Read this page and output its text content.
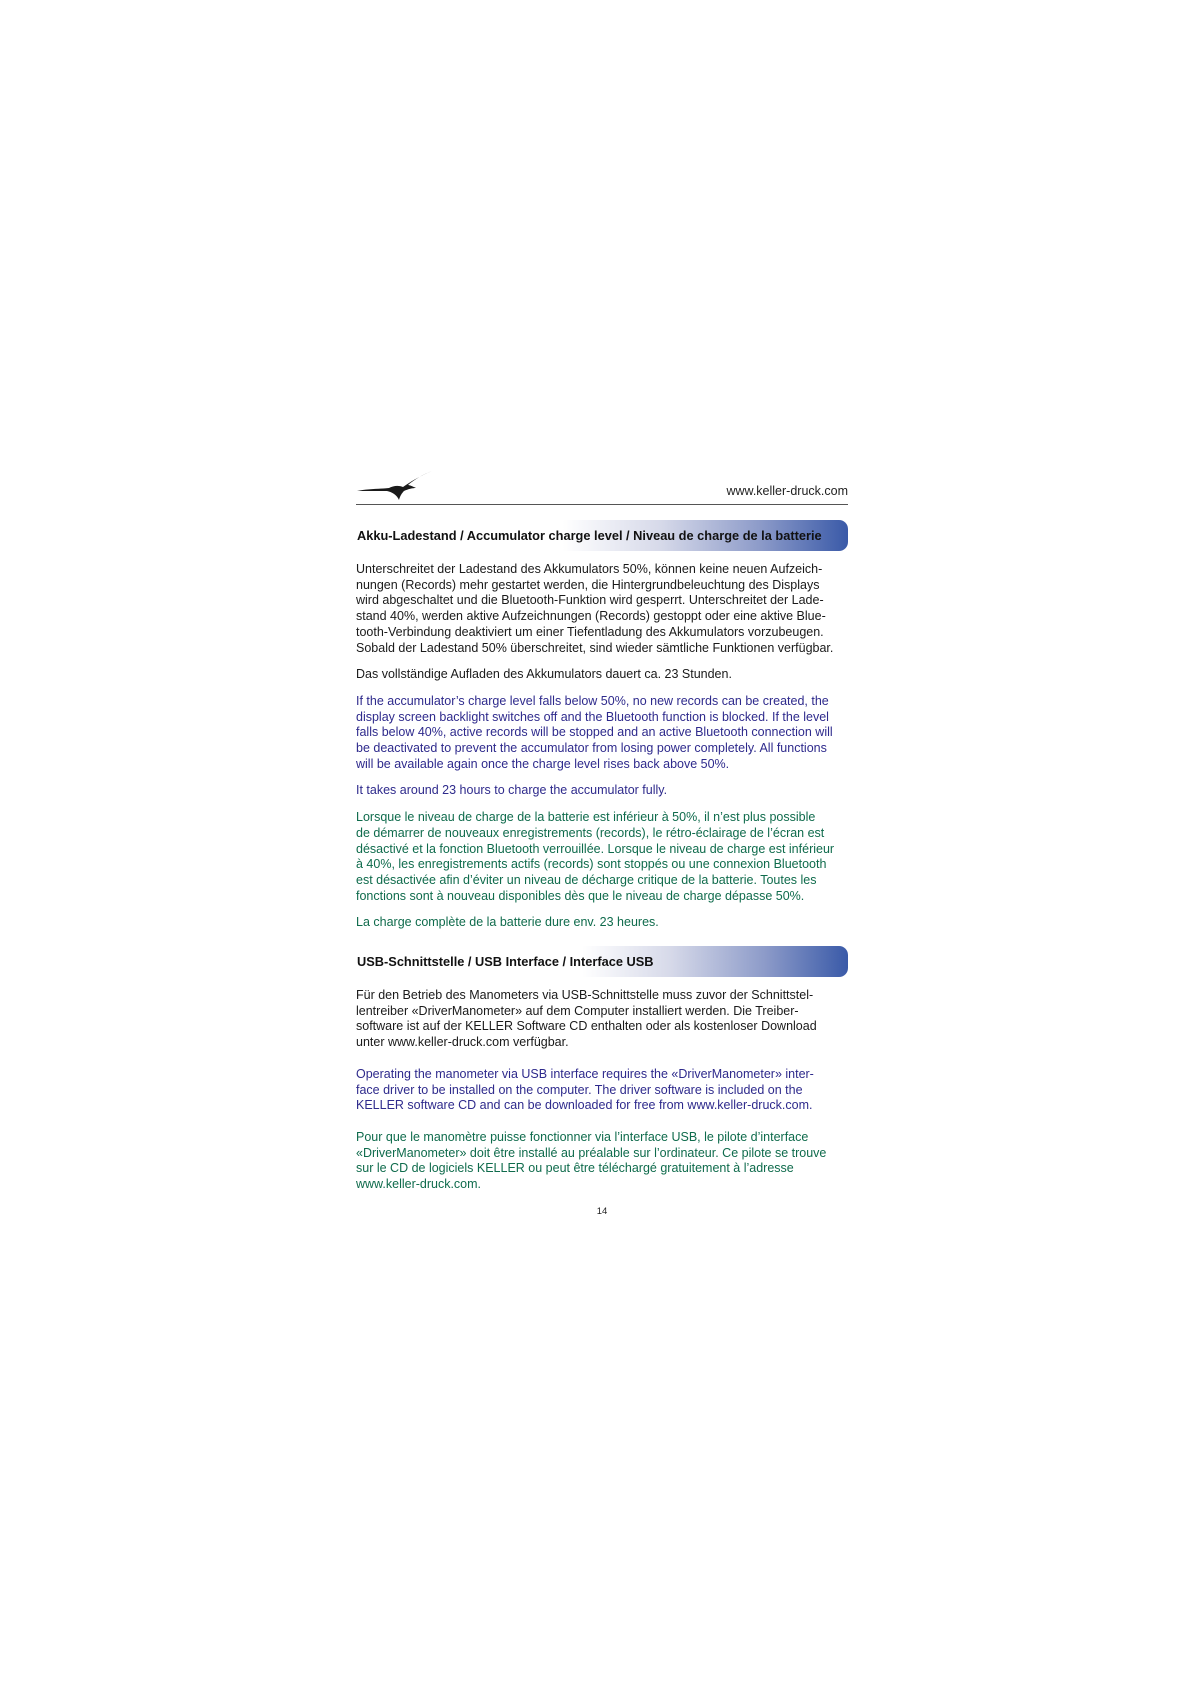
www.keller-druck.com
Akku-Ladestand / Accumulator charge level / Niveau de charge de la batterie

Unterschreitet der Ladestand des Akkumulators 50%, können keine neuen Aufzeich-
nungen (Records) mehr gestartet werden, die Hintergrundbeleuchtung des Displays
wird abgeschaltet und die Bluetooth-Funktion wird gesperrt. Unterschreitet der Lade-
stand 40%, werden aktive Aufzeichnungen (Records) gestoppt oder eine aktive Blue-
tooth-Verbindung deaktiviert um einer Tiefentladung des Akkumulators vorzubeugen.
Sobald der Ladestand 50% überschreitet, sind wieder sämtliche Funktionen verfügbar.

Das vollständige Aufladen des Akkumulators dauert ca. 23 Stunden.

If the accumulator’s charge level falls below 50%, no new records can be created, the
display screen backlight switches off and the Bluetooth function is blocked. If the level
falls below 40%, active records will be stopped and an active Bluetooth connection will
be deactivated to prevent the accumulator from losing power completely. All functions
will be available again once the charge level rises back above 50%.

It takes around 23 hours to charge the accumulator fully.

Lorsque le niveau de charge de la batterie est inférieur à 50%, il n’est plus possible
de démarrer de nouveaux enregistrements (records), le rétro-éclairage de l’écran est
désactivé et la fonction Bluetooth verrouillée. Lorsque le niveau de charge est inférieur
à 40%, les enregistrements actifs (records) sont stoppés ou une connexion Bluetooth
est désactivée afin d’éviter un niveau de décharge critique de la batterie. Toutes les
fonctions sont à nouveau disponibles dès que le niveau de charge dépasse 50%.

La charge complète de la batterie dure env. 23 heures.

USB-Schnittstelle / USB Interface / Interface USB

Für den Betrieb des Manometers via USB-Schnittstelle muss zuvor der Schnittstel-
lentreiber «DriverManometer» auf dem Computer installiert werden. Die Treiber-
software ist auf der KELLER Software CD enthalten oder als kostenloser Download
unter www.keller-druck.com verfügbar.

Operating the manometer via USB interface requires the «DriverManometer» inter-
face driver to be installed on the computer. The driver software is included on the
KELLER software CD and can be downloaded for free from www.keller-druck.com.

Pour que le manomètre puisse fonctionner via l’interface USB, le pilote d’interface
«DriverManometer» doit être installé au préalable sur l’ordinateur. Ce pilote se trouve
sur le CD de logiciels KELLER ou peut être téléchargé gratuitement à l’adresse
www.keller-druck.com.

14
